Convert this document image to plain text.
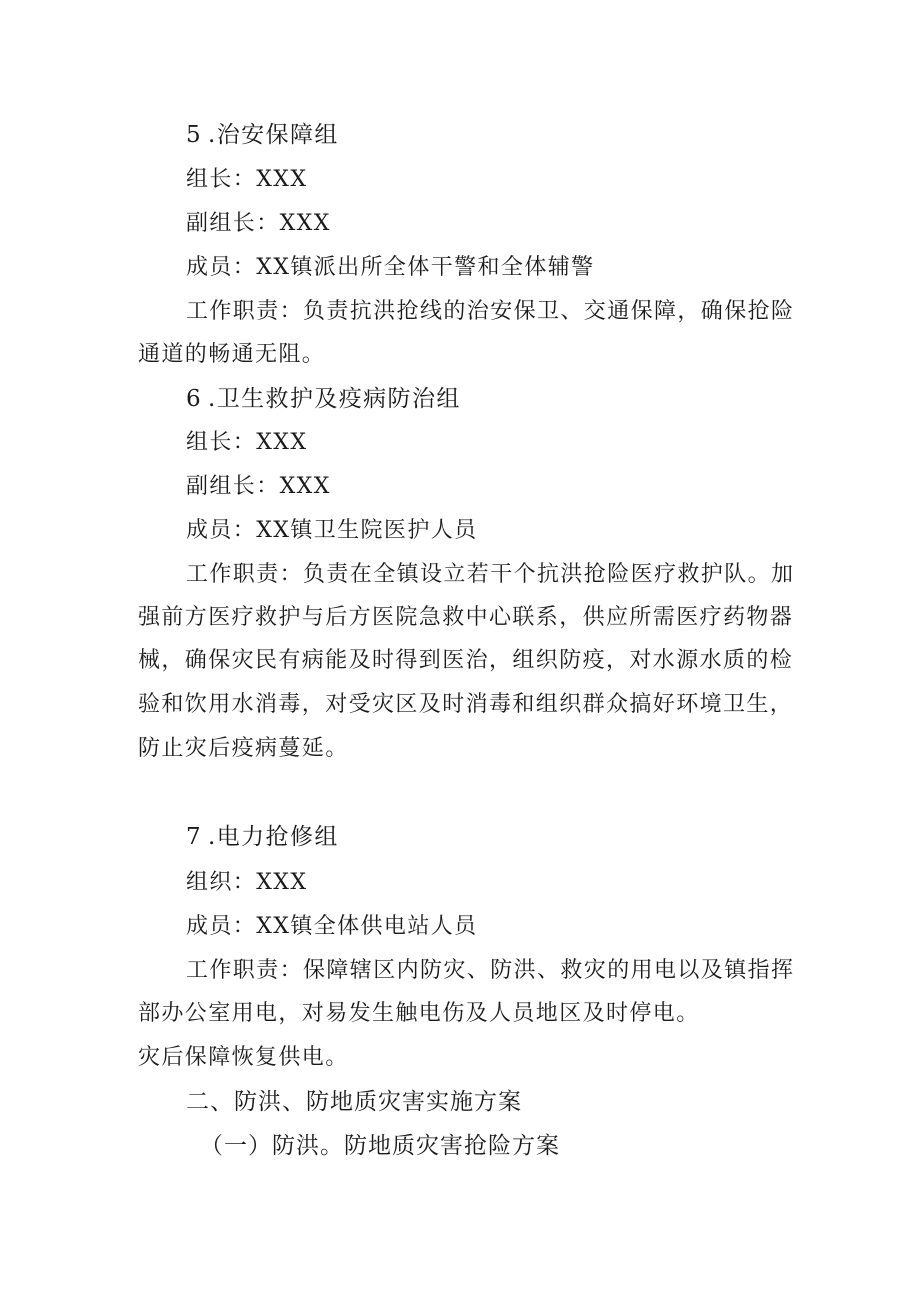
5 .治安保障组
组长：XXX
副组长：XXX
成员：XX镇派出所全体干警和全体辅警
工作职责：负责抗洪抢线的治安保卫、交通保障，确保抢险
通道的畅通无阻。
6 .卫生救护及疫病防治组
组长：XXX
副组长：XXX
成员：XX镇卫生院医护人员
工作职责：负责在全镇设立若干个抗洪抢险医疗救护队。加
强前方医疗救护与后方医院急救中心联系，供应所需医疗药物器
械，确保灾民有病能及时得到医治，组织防疫，对水源水质的检
验和饮用水消毒，对受灾区及时消毒和组织群众搞好环境卫生，
防止灾后疫病蔓延。
7 .电力抢修组
组织：XXX
成员：XX镇全体供电站人员
工作职责：保障辖区内防灾、防洪、救灾的用电以及镇指挥
部办公室用电，对易发生触电伤及人员地区及时停电。
灾后保障恢复供电。
二、防洪、防地质灾害实施方案
（一）防洪。防地质灾害抢险方案
